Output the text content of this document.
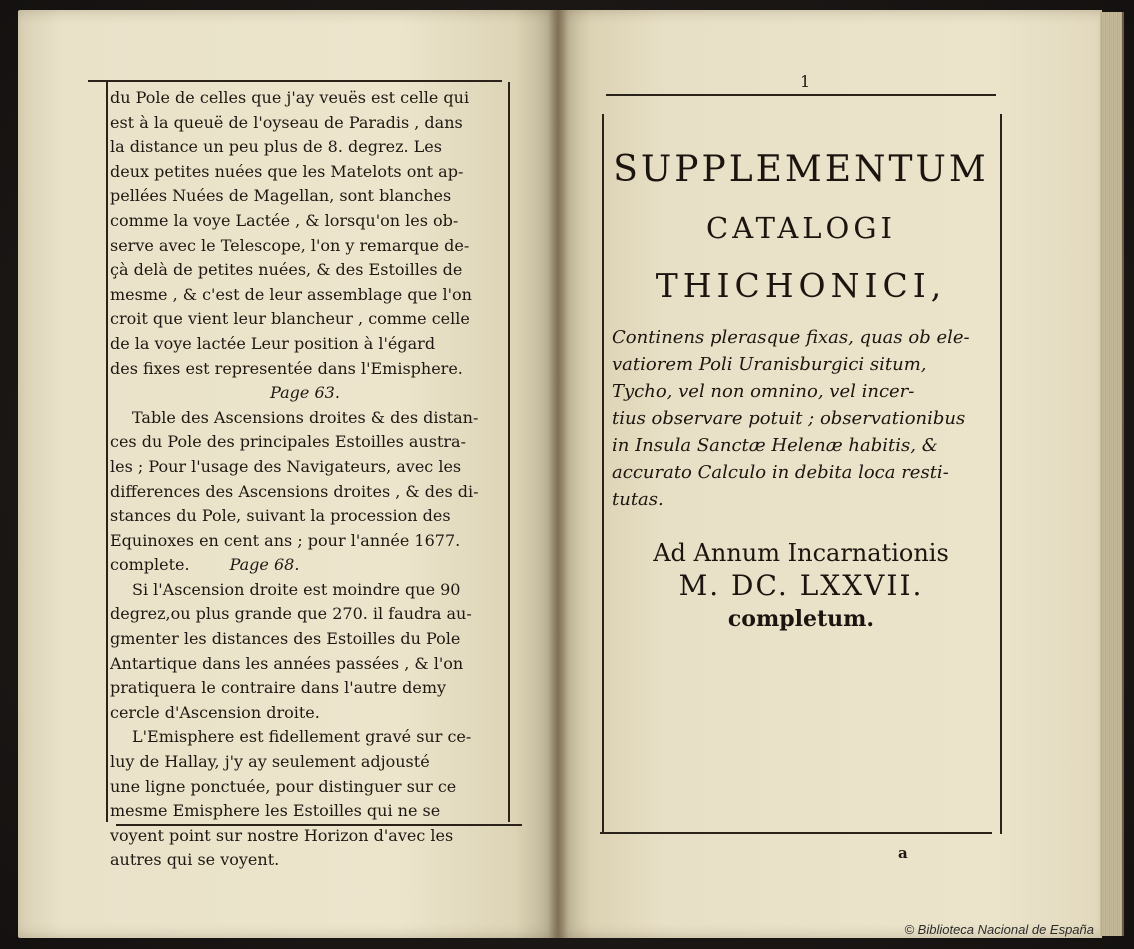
du Pole de celles que j'ay veuës est celle qui

est à la queuë de l'oyseau de Paradis , dans

la distance un peu plus de 8. degrez. Les

deux petites nuées que les Matelots ont ap-

pellées Nuées de Magellan, sont blanches

comme la voye Lactée , & lorsqu'on les ob-

serve avec le Telescope, l'on y remarque de-

çà delà de petites nuées, & des Estoilles de

mesme , & c'est de leur assemblage que l'on

croit que vient leur blancheur , comme celle

de la voye lactée Leur position à l'égard

des fixes est representée dans l'Emisphere.

Page 63.

Table des Ascensions droites & des distan-

ces du Pole des principales Estoilles austra-

les ; Pour l'usage des Navigateurs, avec les

differences des Ascensions droites , & des di-

stances du Pole, suivant la procession des

Equinoxes en cent ans ; pour l'année 1677.

complete.	Page 68.

Si l'Ascension droite est moindre que 90

degrez,ou plus grande que 270. il faudra au-

gmenter les distances des Estoilles du Pole

Antartique dans les années passées , & l'on

pratiquera le contraire dans l'autre demy

cercle d'Ascension droite.

L'Emisphere est fidellement gravé sur ce-

luy de Hallay, j'y ay seulement adjousté

une ligne ponctuée, pour distinguer sur ce

mesme Emisphere les Estoilles qui ne se

voyent point sur nostre Horizon d'avec les

autres qui se voyent.

1

SUPPLEMENTUM

CATALOGI

THICHONICI,

Continens plerasque fixas, quas ob ele-
vatiorem Poli Uranisburgici situm,
Tycho, vel non omnino, vel incer-
tius observare potuit ; observationibus
in Insula Sanctæ Helenæ habitis, &
accurato Calculo in debita loca resti-
tutas.

Ad Annum Incarnationis

M. DC. LXXVII.

completum.

a
© Biblioteca Nacional de España
